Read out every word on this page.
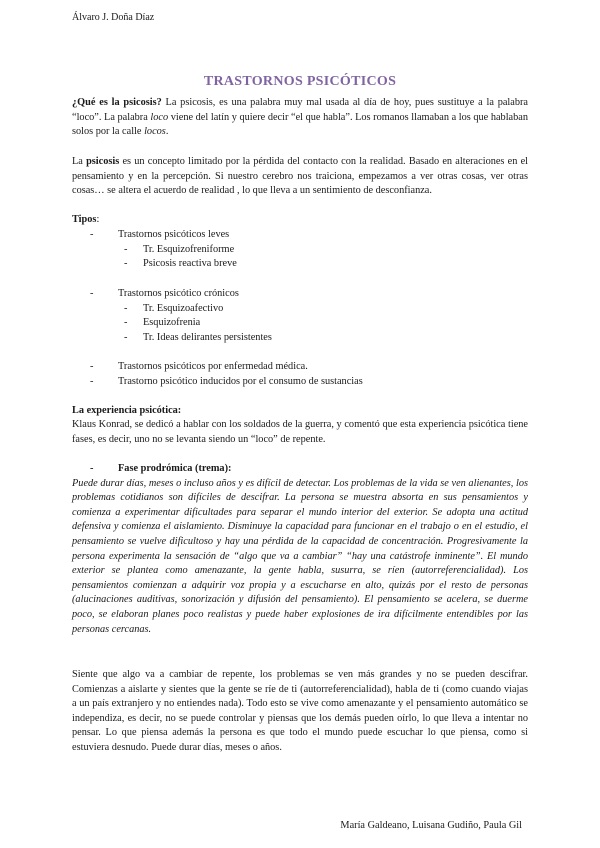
Álvaro J. Doña Díaz
TRASTORNOS PSICÓTICOS

¿Qué es la psicosis? La psicosis, es una palabra muy mal usada al día de hoy, pues sustituye a la palabra “loco”. La palabra loco viene del latín y quiere decir “el que habla”. Los romanos llamaban a los que hablaban solos por la calle locos.

La psicosis es un concepto limitado por la pérdida del contacto con la realidad. Basado en alteraciones en el pensamiento y en la percepción. Si nuestro cerebro nos traiciona, empezamos a ver otras cosas, ver otras cosas… se altera el acuerdo de realidad , lo que lleva a un sentimiento de desconfianza.

Tipos:

- Trastornos psicóticos leves
- Tr. Esquizofreniforme
- Psicosis reactiva breve
- Trastornos psicótico crónicos
- Tr. Esquizoafectivo
- Esquizofrenia
- Tr. Ideas delirantes persistentes
- Trastornos psicóticos por enfermedad médica.
- Trastorno psicótico inducidos por el consumo de sustancias

La experiencia psicótica:

Klaus Konrad, se dedicó a hablar con los soldados de la guerra, y comentó que esta experiencia psicótica tiene fases, es decir, uno no se levanta siendo un “loco” de repente.

- Fase prodrómica (trema):
Puede durar días, meses o incluso años y es difícil de detectar. Los problemas de la vida se ven alienantes, los problemas cotidianos son difíciles de descifrar. La persona se muestra absorta en sus pensamientos y comienza a experimentar dificultades para separar el mundo interior del exterior. Se adopta una actitud defensiva y comienza el aislamiento. Disminuye la capacidad para funcionar en el trabajo o en el estudio, el pensamiento se vuelve dificultoso y hay una pérdida de la capacidad de concentración. Progresivamente la persona experimenta la sensación de “algo que va a cambiar” “hay una catástrofe inminente”. El mundo exterior se plantea como amenazante, la gente habla, susurra, se ríen (autorreferencialidad). Los pensamientos comienzan a adquirir voz propia y a escucharse en alto, quizás por el resto de personas (alucinaciones auditivas, sonorización y difusión del pensamiento). El pensamiento se acelera, se duerme poco, se elaboran planes poco realistas y puede haber explosiones de ira difícilmente entendibles por las personas cercanas.

Siente que algo va a cambiar de repente, los problemas se ven más grandes y no se pueden descifrar. Comienzas a aislarte y sientes que la gente se ríe de ti (autorreferencialidad), habla de ti (como cuando viajas a un país extranjero y no entiendes nada). Todo esto se vive como amenazante y el pensamiento automático se independiza, es decir, no se puede controlar y piensas que los demás pueden oírlo, lo que lleva a intentar no pensar. Lo que piensa además la persona es que todo el mundo puede escuchar lo que piensa, como si estuviera desnudo. Puede durar días, meses o años.

María Galdeano, Luisana Gudiño, Paula Gil
